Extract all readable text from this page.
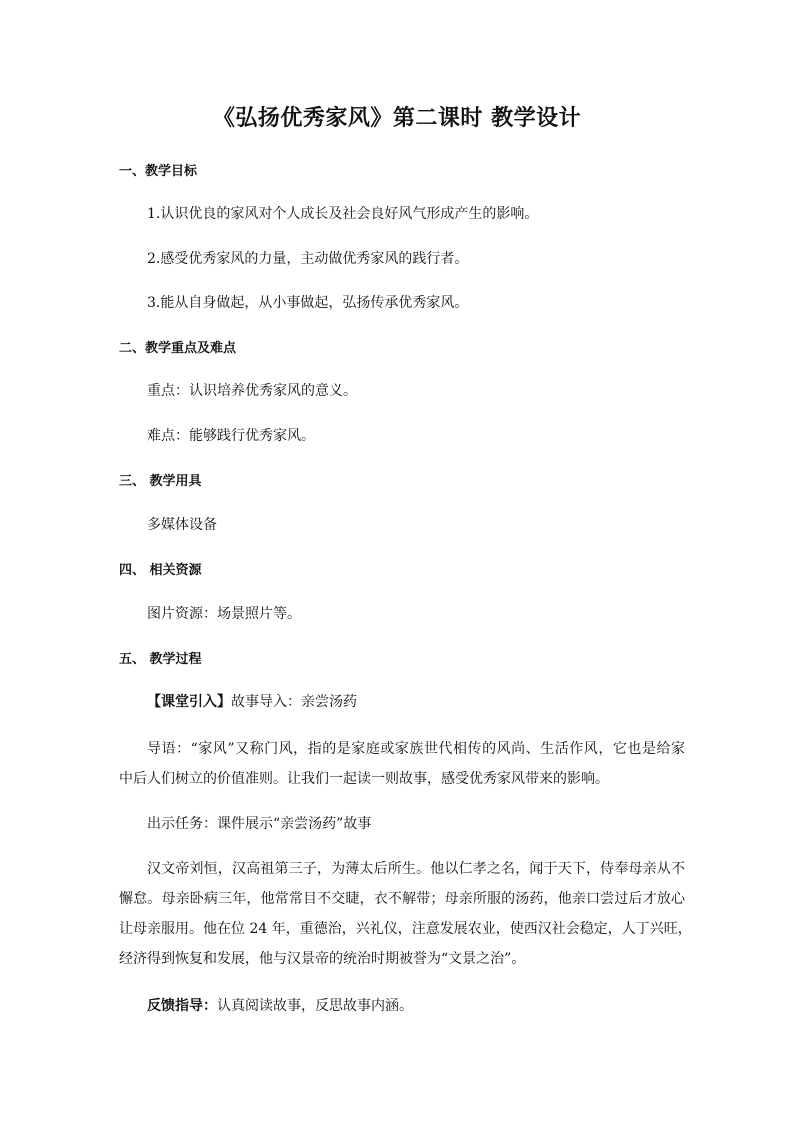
《弘扬优秀家风》第二课时 教学设计
一、教学目标
1.认识优良的家风对个人成长及社会良好风气形成产生的影响。
2.感受优秀家风的力量，主动做优秀家风的践行者。
3.能从自身做起，从小事做起，弘扬传承优秀家风。
二、教学重点及难点
重点：认识培养优秀家风的意义。
难点：能够践行优秀家风。
三、 教学用具
多媒体设备
四、 相关资源
图片资源：场景照片等。
五、 教学过程
【课堂引入】故事导入：亲尝汤药
导语：“家风”又称门风，指的是家庭或家族世代相传的风尚、生活作风，它也是给家
中后人们树立的价值准则。让我们一起读一则故事，感受优秀家风带来的影响。
出示任务：课件展示“亲尝汤药”故事
汉文帝刘恒，汉高祖第三子，为薄太后所生。他以仁孝之名，闻于天下，侍奉母亲从不
懈怠。母亲卧病三年，他常常目不交睫，衣不解带；母亲所服的汤药，他亲口尝过后才放心
让母亲服用。他在位 24 年，重德治，兴礼仪，注意发展农业，使西汉社会稳定，人丁兴旺，
经济得到恢复和发展，他与汉景帝的统治时期被誉为“文景之治”。
反馈指导：认真阅读故事，反思故事内涵。
